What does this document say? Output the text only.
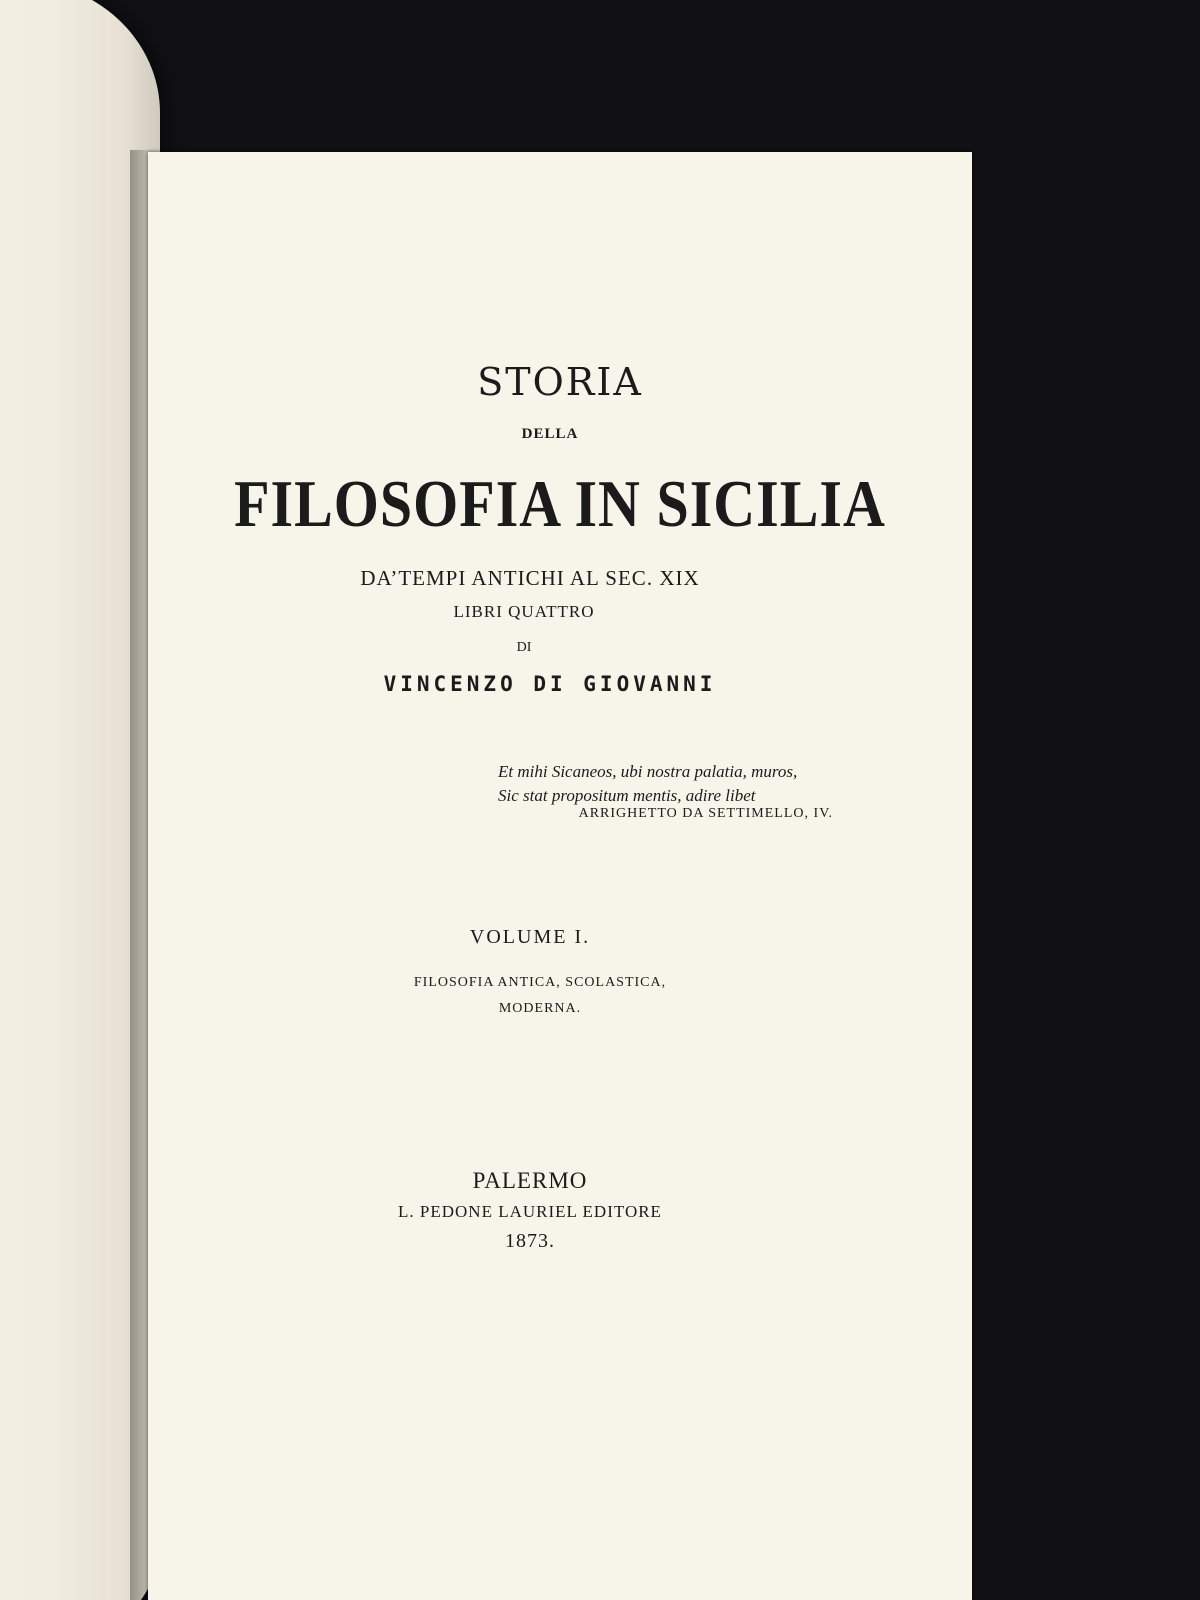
STORIA
DELLA
FILOSOFIA IN SICILIA
DA’TEMPI ANTICHI AL SEC. XIX
LIBRI QUATTRO
DI
VINCENZO DI GIOVANNI
Et mihi Sicaneos, ubi nostra palatia, muros,
Sic stat propositum mentis, adire libet
ARRIGHETTO DA SETTIMELLO, IV.
VOLUME I.
FILOSOFIA ANTICA, SCOLASTICA,
MODERNA.
PALERMO
L. PEDONE LAURIEL EDITORE
1873.
